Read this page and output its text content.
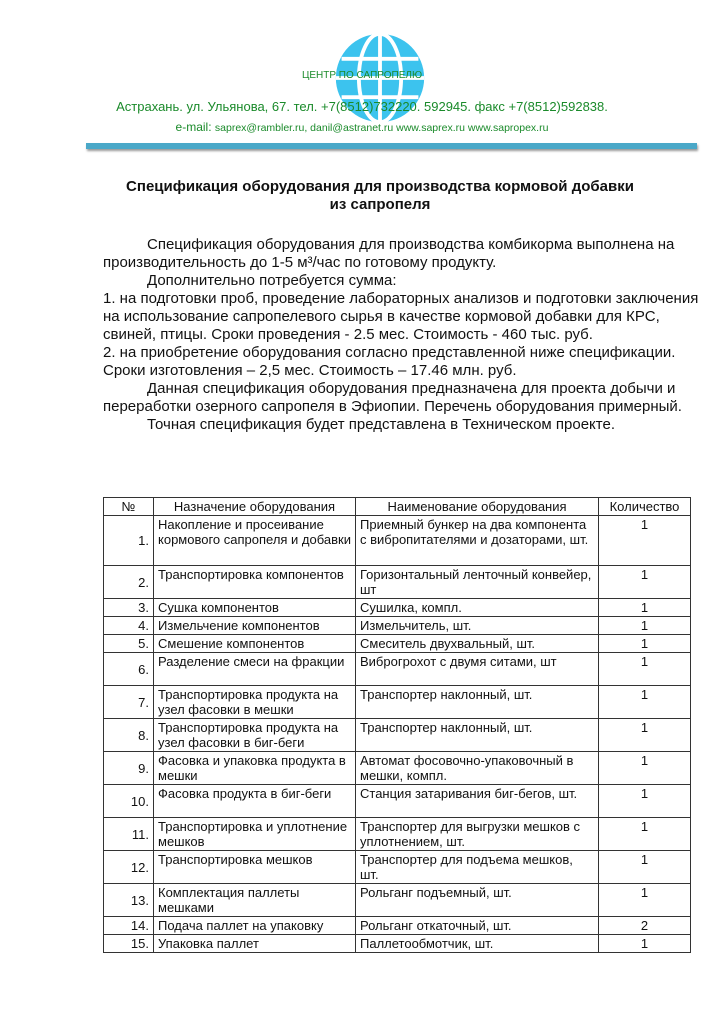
ЦЕНТР ПО САПРОПЕЛЮ
Астрахань. ул. Ульянова, 67. тел. +7(8512)732220. 592945. факс +7(8512)592838.
e-mail: saprex@rambler.ru, danil@astranet.ru www.saprex.ru www.sapropex.ru
Спецификация оборудования для производства кормовой добавки из сапропеля

Спецификация оборудования для производства комбикорма выполнена на производительность до 1-5 м³/час по готовому продукту.

Дополнительно потребуется сумма:

1. на подготовки проб, проведение лабораторных анализов и подготовки заключения на использование сапропелевого сырья в качестве кормовой добавки для КРС, свиней, птицы. Сроки проведения - 2.5 мес. Стоимость - 460 тыс. руб.

2. на приобретение оборудования согласно представленной ниже спецификации. Сроки изготовления – 2,5 мес. Стоимость – 17.46 млн. руб.

Данная спецификация оборудования предназначена для проекта добычи и переработки озерного сапропеля в Эфиопии. Перечень оборудования примерный.

Точная спецификация будет представлена в Техническом проекте.

№	Назначение оборудования	Наименование оборудования	Количество
1.	Накопление и просеивание кормового сапропеля и добавки	Приемный бункер на два компонента с вибропитателями и дозаторами, шт.	1
2.	Транспортировка компонентов	Горизонтальный ленточный конвейер, шт	1
3.	Сушка компонентов	Сушилка, компл.	1
4.	Измельчение компонентов	Измельчитель, шт.	1
5.	Смешение компонентов	Смеситель двухвальный, шт.	1
6.	Разделение смеси на фракции	Виброгрохот с двумя ситами, шт	1
7.	Транспортировка продукта на узел фасовки в мешки	Транспортер наклонный, шт.	1
8.	Транспортировка продукта на узел фасовки в биг-беги	Транспортер наклонный, шт.	1
9.	Фасовка и упаковка продукта в мешки	Автомат фосовочно-упаковочный в мешки, компл.	1
10.	Фасовка продукта в биг-беги	Станция затаривания биг-бегов, шт.	1
11.	Транспортировка и уплотнение мешков	Транспортер для выгрузки мешков с уплотнением, шт.	1
12.	Транспортировка мешков	Транспортер для подъема мешков, шт.	1
13.	Комплектация паллеты мешками	Рольганг подъемный, шт.	1
14.	Подача паллет на упаковку	Рольганг откаточный, шт.	2
15.	Упаковка паллет	Паллетообмотчик, шт.	1
